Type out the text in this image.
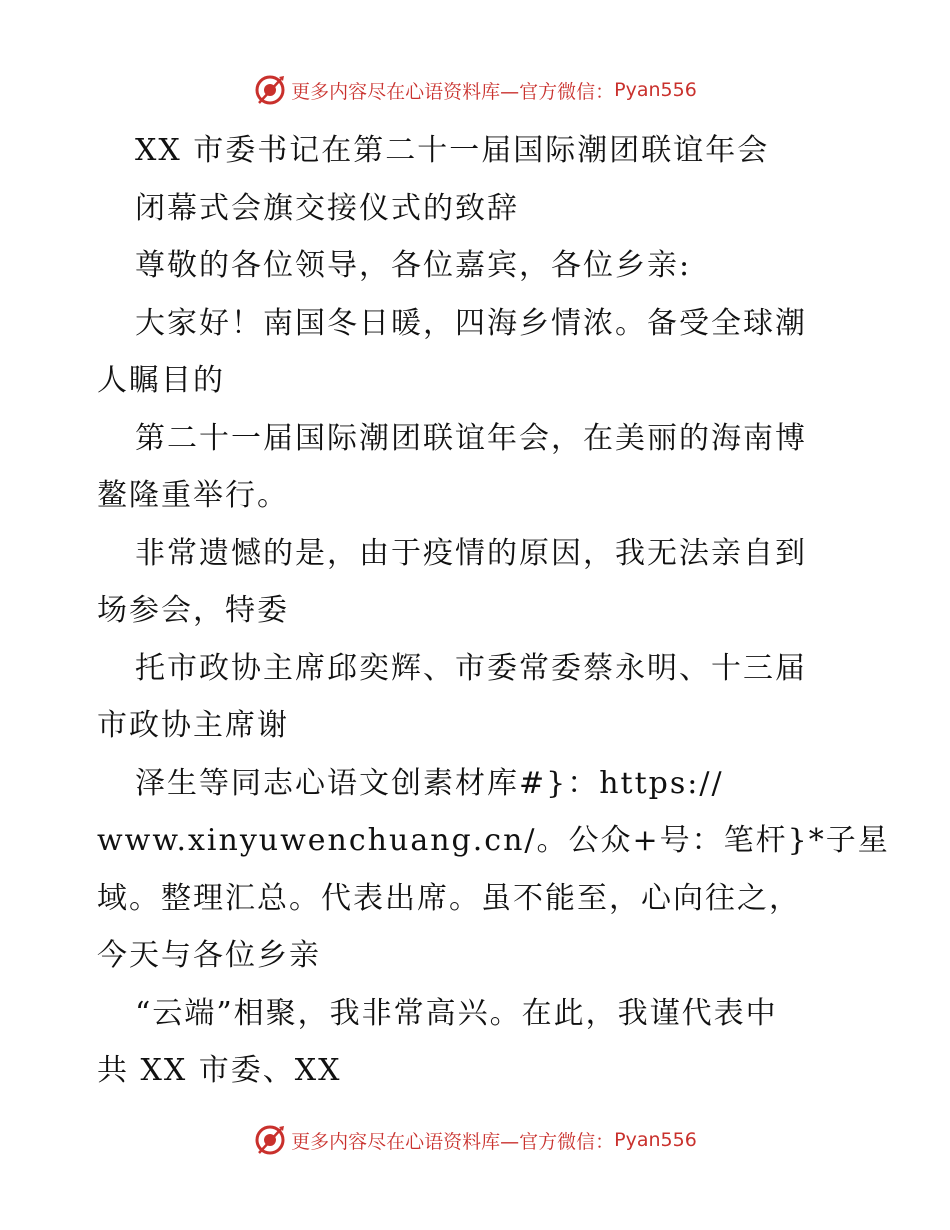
更多内容尽在心语资料库—官方微信： Pyan556
XX 市委书记在第二十一届国际潮团联谊年会
闭幕式会旗交接仪式的致辞
尊敬的各位领导，各位嘉宾，各位乡亲:
大家好！南国冬日暖，四海乡情浓。备受全球潮
人瞩目的
第二十一届国际潮团联谊年会，在美丽的海南博
鳌隆重举行。
非常遗憾的是，由于疫情的原因，我无法亲自到
场参会，特委
托市政协主席邱奕辉、市委常委蔡永明、十三届
市政协主席谢
泽生等同志心语文创素材库#}：https://
www.xinyuwenchuang.cn/。公众+号：笔杆}*子星
域。整理汇总。代表出席。虽不能至，心向往之，
今天与各位乡亲
“云端”相聚，我非常高兴。在此，我谨代表中
共 XX 市委、XX
更多内容尽在心语资料库—官方微信： Pyan556
